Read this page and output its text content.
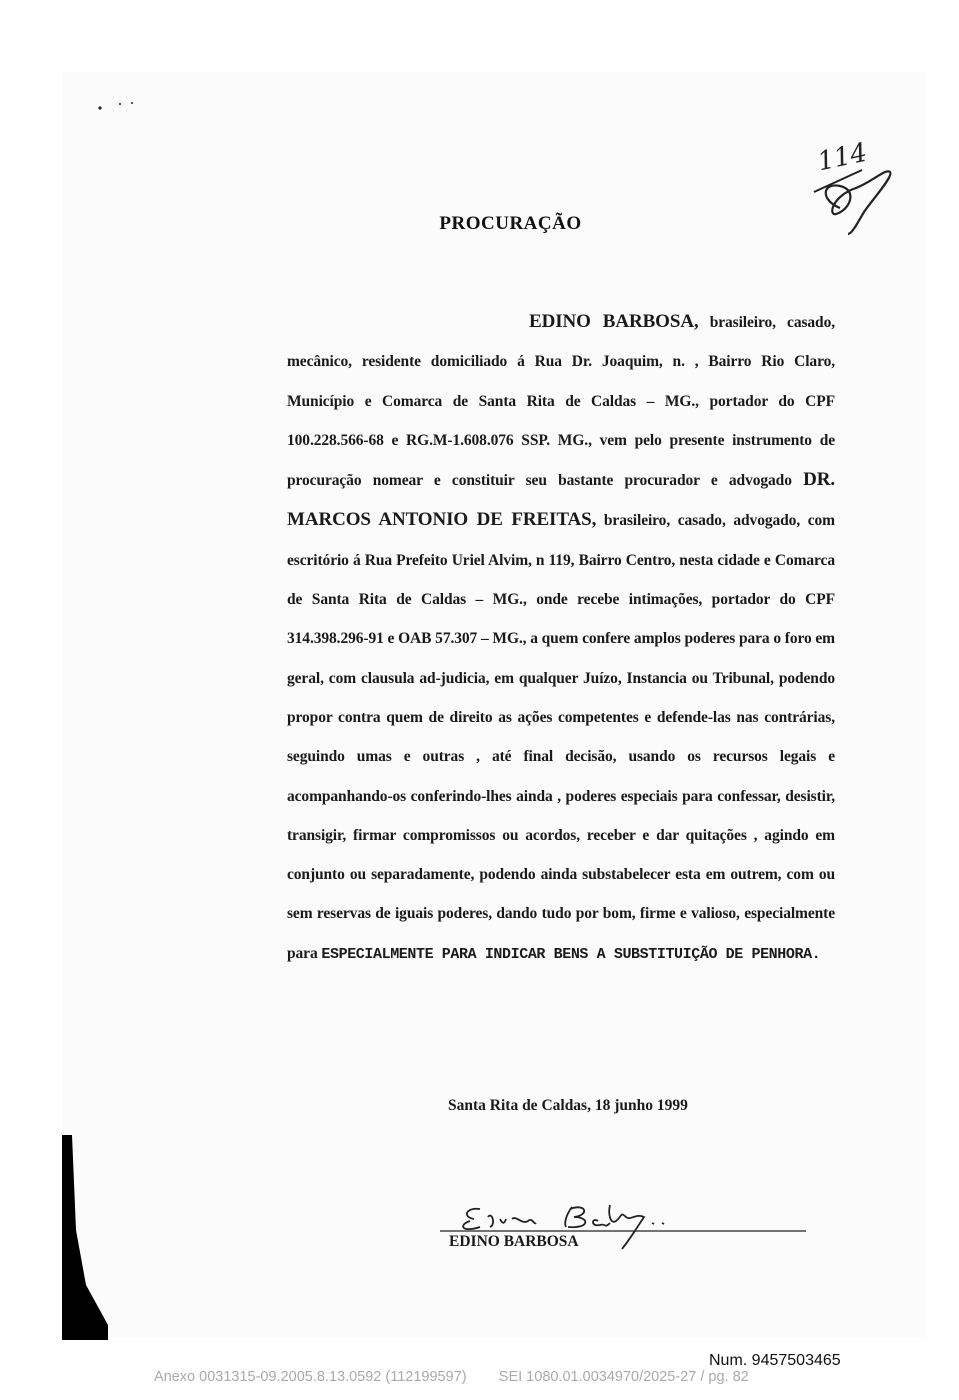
114
PROCURAÇÃO
EDINO BARBOSA, brasileiro, casado, mecânico, residente domiciliado á Rua Dr. Joaquim, n. , Bairro Rio Claro, Município e Comarca de Santa Rita de Caldas – MG., portador do CPF 100.228.566-68 e RG.M-1.608.076 SSP. MG., vem pelo presente instrumento de procuração nomear e constituir seu bastante procurador e advogado DR. MARCOS ANTONIO DE FREITAS, brasileiro, casado, advogado, com escritório á Rua Prefeito Uriel Alvim, n 119, Bairro Centro, nesta cidade e Comarca de Santa Rita de Caldas – MG., onde recebe intimações, portador do CPF 314.398.296-91 e OAB 57.307 – MG., a quem confere amplos poderes para o foro em geral, com clausula ad-judicia, em qualquer Juízo, Instancia ou Tribunal, podendo propor contra quem de direito as ações competentes e defende-las nas contrárias, seguindo umas e outras , até final decisão, usando os recursos legais e acompanhando-os conferindo-lhes ainda , poderes especiais para confessar, desistir, transigir, firmar compromissos ou acordos, receber e dar quitações , agindo em conjunto ou separadamente, podendo ainda substabelecer esta em outrem, com ou sem reservas de iguais poderes, dando tudo por bom, firme e valioso, especialmente para ESPECIALMENTE PARA INDICAR BENS A SUBSTITUIÇÃO DE PENHORA.
Santa Rita de Caldas, 18 junho 1999
EDINO BARBOSA
Num. 9457503465
Anexo 0031315-09.2005.8.13.0592 (112199597)        SEI 1080.01.0034970/2025-27 / pg. 82
